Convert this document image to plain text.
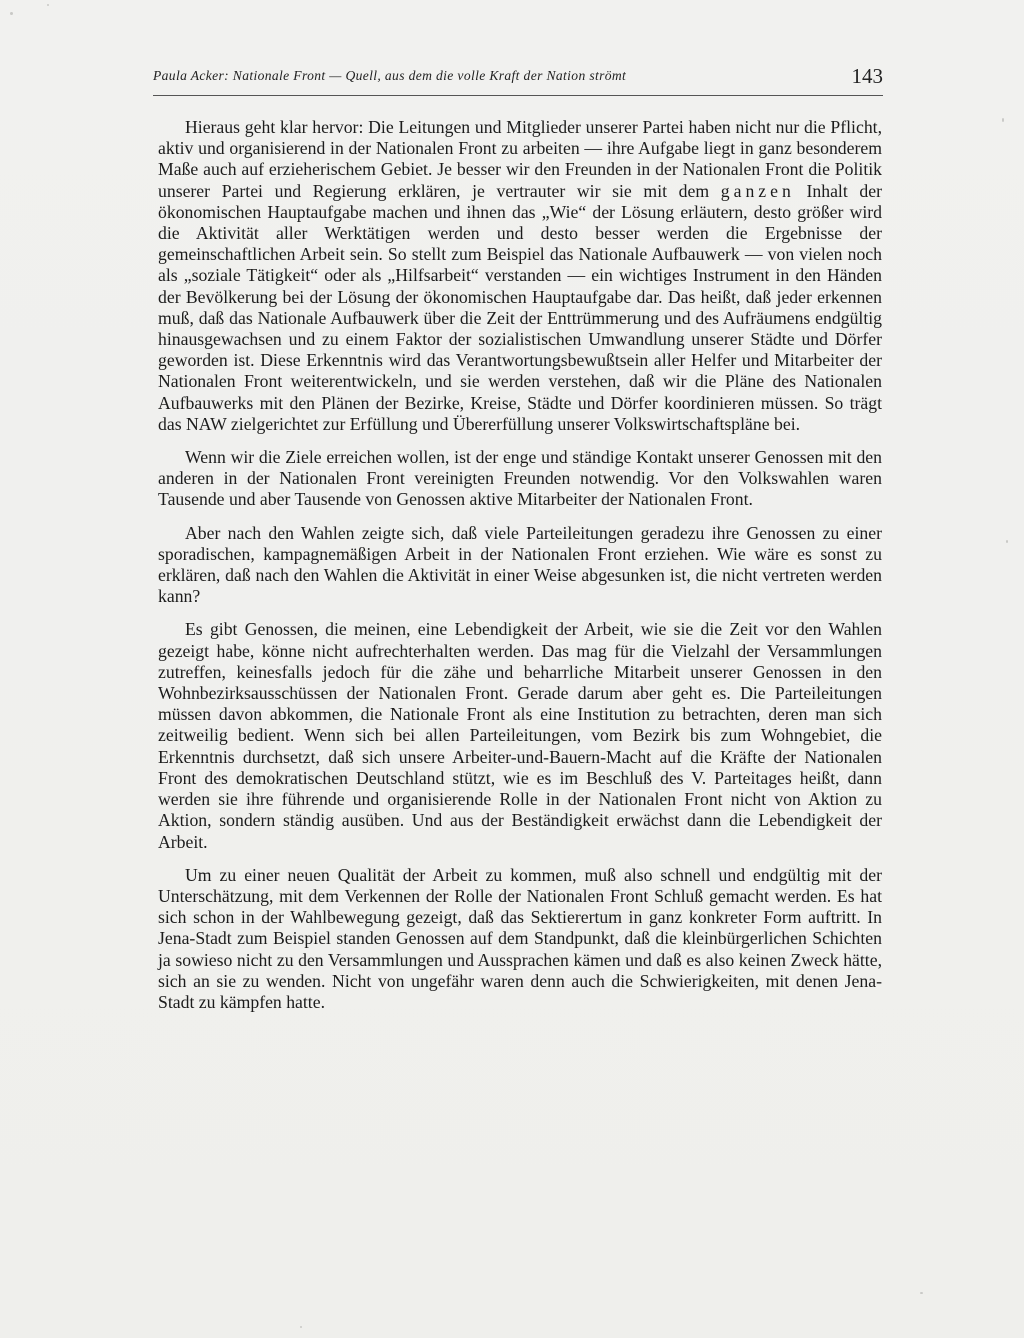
Paula Acker: Nationale Front — Quell, aus dem die volle Kraft der Nation strömt	143

Hieraus geht klar hervor: Die Leitungen und Mitglieder unserer Partei haben nicht nur die Pflicht, aktiv und organisierend in der Nationalen Front zu arbeiten — ihre Aufgabe liegt in ganz besonderem Maße auch auf erzieherischem Gebiet. Je besser wir den Freunden in der Nationalen Front die Politik unserer Partei und Regierung erklären, je vertrauter wir sie mit dem ganzen Inhalt der ökonomischen Hauptaufgabe machen und ihnen das „Wie“ der Lösung erläutern, desto größer wird die Aktivität aller Werktätigen werden und desto besser werden die Ergebnisse der gemeinschaftlichen Arbeit sein. So stellt zum Beispiel das Nationale Aufbauwerk — von vielen noch als „soziale Tätigkeit“ oder als „Hilfsarbeit“ verstanden — ein wichtiges Instrument in den Händen der Bevölkerung bei der Lösung der ökonomischen Hauptaufgabe dar. Das heißt, daß jeder erkennen muß, daß das Nationale Aufbauwerk über die Zeit der Enttrümmerung und des Aufräumens endgültig hinausgewachsen und zu einem Faktor der sozialistischen Umwandlung unserer Städte und Dörfer geworden ist. Diese Erkenntnis wird das Verantwortungsbewußtsein aller Helfer und Mitarbeiter der Nationalen Front weiterentwickeln, und sie werden verstehen, daß wir die Pläne des Nationalen Aufbauwerks mit den Plänen der Bezirke, Kreise, Städte und Dörfer koordinieren müssen. So trägt das NAW zielgerichtet zur Erfüllung und Übererfüllung unserer Volkswirtschaftspläne bei.

Wenn wir die Ziele erreichen wollen, ist der enge und ständige Kontakt unserer Genossen mit den anderen in der Nationalen Front vereinigten Freunden notwendig. Vor den Volkswahlen waren Tausende und aber Tausende von Genossen aktive Mitarbeiter der Nationalen Front.

Aber nach den Wahlen zeigte sich, daß viele Parteileitungen geradezu ihre Genossen zu einer sporadischen, kampagnemäßigen Arbeit in der Nationalen Front erziehen. Wie wäre es sonst zu erklären, daß nach den Wahlen die Aktivität in einer Weise abgesunken ist, die nicht vertreten werden kann?

Es gibt Genossen, die meinen, eine Lebendigkeit der Arbeit, wie sie die Zeit vor den Wahlen gezeigt habe, könne nicht aufrechterhalten werden. Das mag für die Vielzahl der Versammlungen zutreffen, keinesfalls jedoch für die zähe und beharrliche Mitarbeit unserer Genossen in den Wohnbezirksausschüssen der Nationalen Front. Gerade darum aber geht es. Die Parteileitungen müssen davon abkommen, die Nationale Front als eine Institution zu betrachten, deren man sich zeitweilig bedient. Wenn sich bei allen Parteileitungen, vom Bezirk bis zum Wohngebiet, die Erkenntnis durchsetzt, daß sich unsere Arbeiter-und-Bauern-Macht auf die Kräfte der Nationalen Front des demokratischen Deutschland stützt, wie es im Beschluß des V. Parteitages heißt, dann werden sie ihre führende und organisierende Rolle in der Nationalen Front nicht von Aktion zu Aktion, sondern ständig ausüben. Und aus der Beständigkeit erwächst dann die Lebendigkeit der Arbeit.

Um zu einer neuen Qualität der Arbeit zu kommen, muß also schnell und endgültig mit der Unterschätzung, mit dem Verkennen der Rolle der Nationalen Front Schluß gemacht werden. Es hat sich schon in der Wahlbewegung gezeigt, daß das Sektierertum in ganz konkreter Form auftritt. In Jena-Stadt zum Beispiel standen Genossen auf dem Standpunkt, daß die kleinbürgerlichen Schichten ja sowieso nicht zu den Versammlungen und Aussprachen kämen und daß es also keinen Zweck hätte, sich an sie zu wenden. Nicht von ungefähr waren denn auch die Schwierigkeiten, mit denen Jena-Stadt zu kämpfen hatte.
